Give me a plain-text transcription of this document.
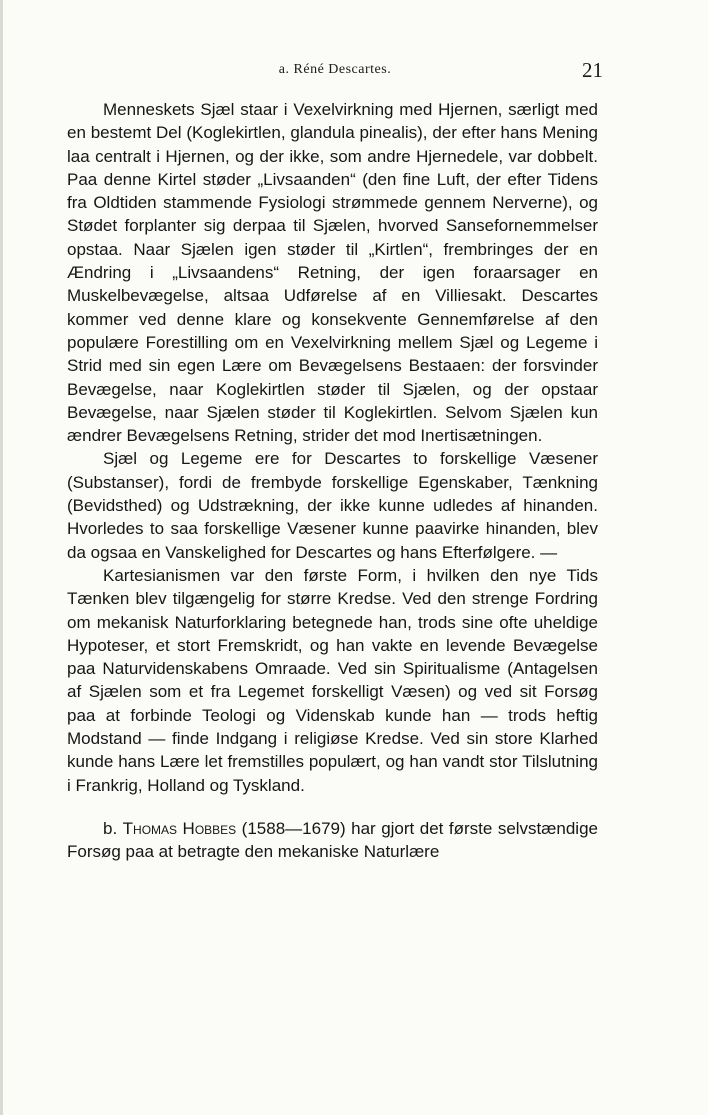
a. Réné Descartes.	21

Menneskets Sjæl staar i Vexelvirkning med Hjernen, særligt med en bestemt Del (Koglekirtlen, glandula pinealis), der efter hans Mening laa centralt i Hjernen, og der ikke, som andre Hjernedele, var dobbelt. Paa denne Kirtel støder „Livsaanden“ (den fine Luft, der efter Tidens fra Oldtiden stammende Fysiologi strømmede gennem Nerverne), og Stødet forplanter sig derpaa til Sjælen, hvorved Sansefornemmelser opstaa. Naar Sjælen igen støder til „Kirtlen“, frembringes der en Ændring i „Livsaandens“ Retning, der igen foraarsager en Muskelbevægelse, altsaa Udførelse af en Villiesakt. Descartes kommer ved denne klare og konsekvente Gennemførelse af den populære Forestilling om en Vexelvirkning mellem Sjæl og Legeme i Strid med sin egen Lære om Bevægelsens Bestaaen: der forsvinder Bevægelse, naar Koglekirtlen støder til Sjælen, og der opstaar Bevægelse, naar Sjælen støder til Koglekirtlen. Selvom Sjælen kun ændrer Bevægelsens Retning, strider det mod Inertisætningen.

Sjæl og Legeme ere for Descartes to forskellige Væsener (Substanser), fordi de frembyde forskellige Egenskaber, Tænkning (Bevidsthed) og Udstrækning, der ikke kunne udledes af hinanden. Hvorledes to saa forskellige Væsener kunne paavirke hinanden, blev da ogsaa en Vanskelighed for Descartes og hans Efterfølgere. —

Kartesianismen var den første Form, i hvilken den nye Tids Tænken blev tilgængelig for større Kredse. Ved den strenge Fordring om mekanisk Naturforklaring betegnede han, trods sine ofte uheldige Hypoteser, et stort Fremskridt, og han vakte en levende Bevægelse paa Naturvidenskabens Omraade. Ved sin Spiritualisme (Antagelsen af Sjælen som et fra Legemet forskelligt Væsen) og ved sit Forsøg paa at forbinde Teologi og Videnskab kunde han — trods heftig Modstand — finde Indgang i religiøse Kredse. Ved sin store Klarhed kunde hans Lære let fremstilles populært, og han vandt stor Tilslutning i Frankrig, Holland og Tyskland.

b. Thomas Hobbes (1588—1679) har gjort det første selvstændige Forsøg paa at betragte den mekaniske Naturlære
